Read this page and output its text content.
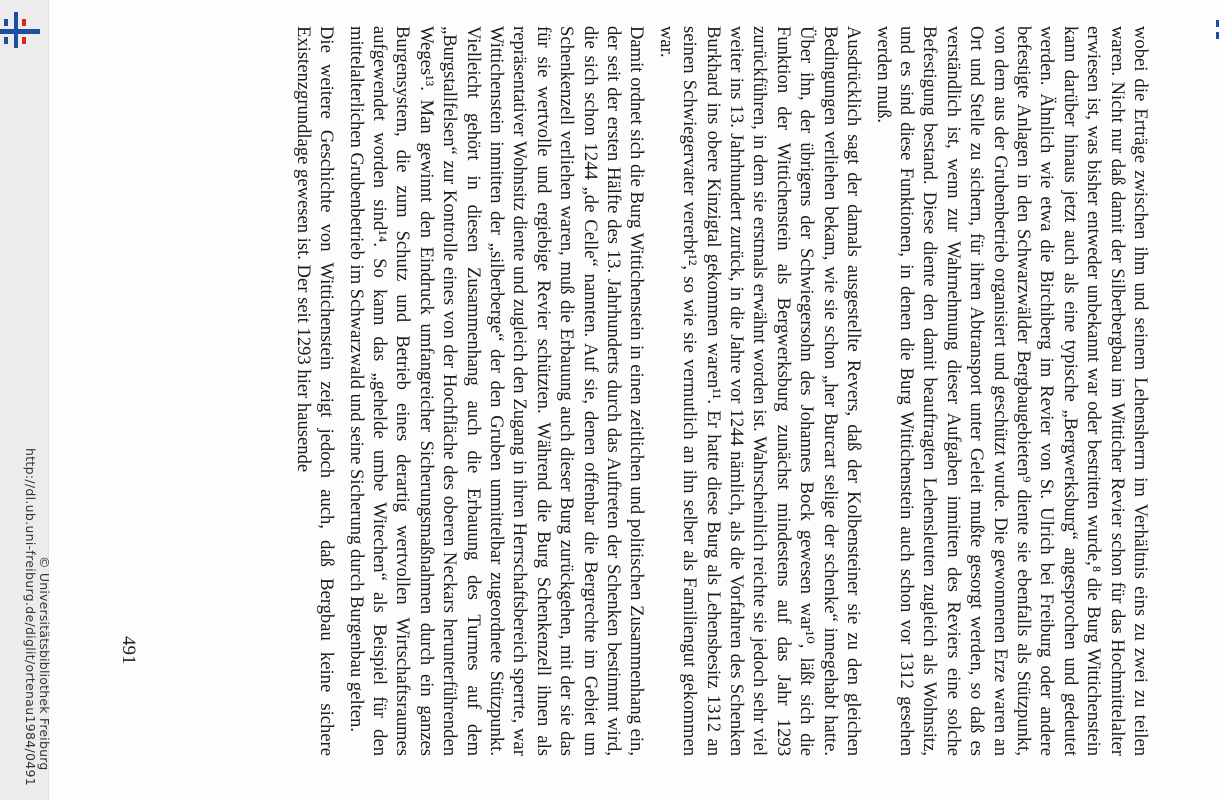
http://dl.ub.uni-freiburg.de/diglit/ortenau1984/0491 © Universitätsbibliothek Freiburg	wobei die Erträge zwischen ihm und seinem Lehensherrn im Verhältnis eins zu zwei zu teilen waren. Nicht nur daß damit der Silberbergbau im Witticher Revier schon für das Hochmittelalter erwiesen ist, was bisher entweder unbekannt war oder bestritten wurde,⁸ die Burg Wittichenstein kann darüber hinaus jetzt auch als eine typische „Bergwerksburg“ angesprochen und gedeutet werden. Ähnlich wie etwa die Birchiberg im Revier von St. Ulrich bei Freiburg oder andere befestigte Anlagen in den Schwarzwälder Bergbaugebieten⁹ diente sie ebenfalls als Stützpunkt, von dem aus der Grubenbetrieb organisiert und geschützt wurde. Die gewonnenen Erze waren an Ort und Stelle zu sichern, für ihren Abtransport unter Geleit mußte gesorgt werden, so daß es verständlich ist, wenn zur Wahrnehmung dieser Aufgaben inmitten des Reviers eine solche Befestigung bestand. Diese diente den damit beauftragten Lehensleuten zugleich als Wohnsitz, und es sind diese Funktionen, in denen die Burg Wittichenstein auch schon vor 1312 gesehen werden muß.

Ausdrücklich sagt der damals ausgestellte Revers, daß der Kolbensteiner sie zu den gleichen Bedingungen verliehen bekam, wie sie schon „her Burcart selige der schenke“ innegehabt hatte. Über ihn, der übrigens der Schwiegersohn des Johannes Bock gewesen war¹⁰, läßt sich die Funktion der Wittichenstein als Bergwerksburg zunächst mindestens auf das Jahr 1293 zurückführen, in dem sie erstmals erwähnt worden ist. Wahrscheinlich reichte sie jedoch sehr viel weiter ins 13. Jahrhundert zurück, in die Jahre vor 1244 nämlich, als die Vorfahren des Schenken Burkhard ins obere Kinzigtal gekommen waren¹¹. Er hatte diese Burg als Lehensbesitz 1312 an seinen Schwiegervater vererbt¹², so wie sie vermutlich an ihn selber als Familiengut gekommen war.

Damit ordnet sich die Burg Wittichenstein in einen zeitlichen und politischen Zusammenhang ein, der seit der ersten Hälfte des 13. Jahrhunderts durch das Auftreten der Schenken bestimmt wird, die sich schon 1244 „de Celle“ nannten. Auf sie, denen offenbar die Bergrechte im Gebiet um Schenkenzell verliehen waren, muß die Erbauung auch dieser Burg zurückgehen, mit der sie das für sie wertvolle und ergiebige Revier schützten. Während die Burg Schenkenzell ihnen als repräsentativer Wohnsitz diente und zugleich den Zugang in ihren Herrschaftsbereich sperrte, war Wittichenstein inmitten der „silberberge“ der den Gruben unmittelbar zugeordnete Stützpunkt. Vielleicht gehört in diesen Zusammenhang auch die Erbauung des Turmes auf dem „Burgstallfelsen“ zur Kontrolle eines von der Hochfläche des oberen Neckars herunterführenden Weges¹³. Man gewinnt den Eindruck umfangreicher Sicherungsmaßnahmen durch ein ganzes Burgensystem, die zum Schutz und Betrieb eines derartig wertvollen Wirtschaftsraumes aufgewendet worden sind¹⁴. So kann das „gehelde umbe Witechen“ als Beispiel für den mittelalterlichen Grubenbetrieb im Schwarzwald und seine Sicherung durch Burgenbau gelten.

Die weitere Geschichte von Wittichenstein zeigt jedoch auch, daß Bergbau keine sichere Existenzgrundlage gewesen ist. Der seit 1293 hier hausende

491
